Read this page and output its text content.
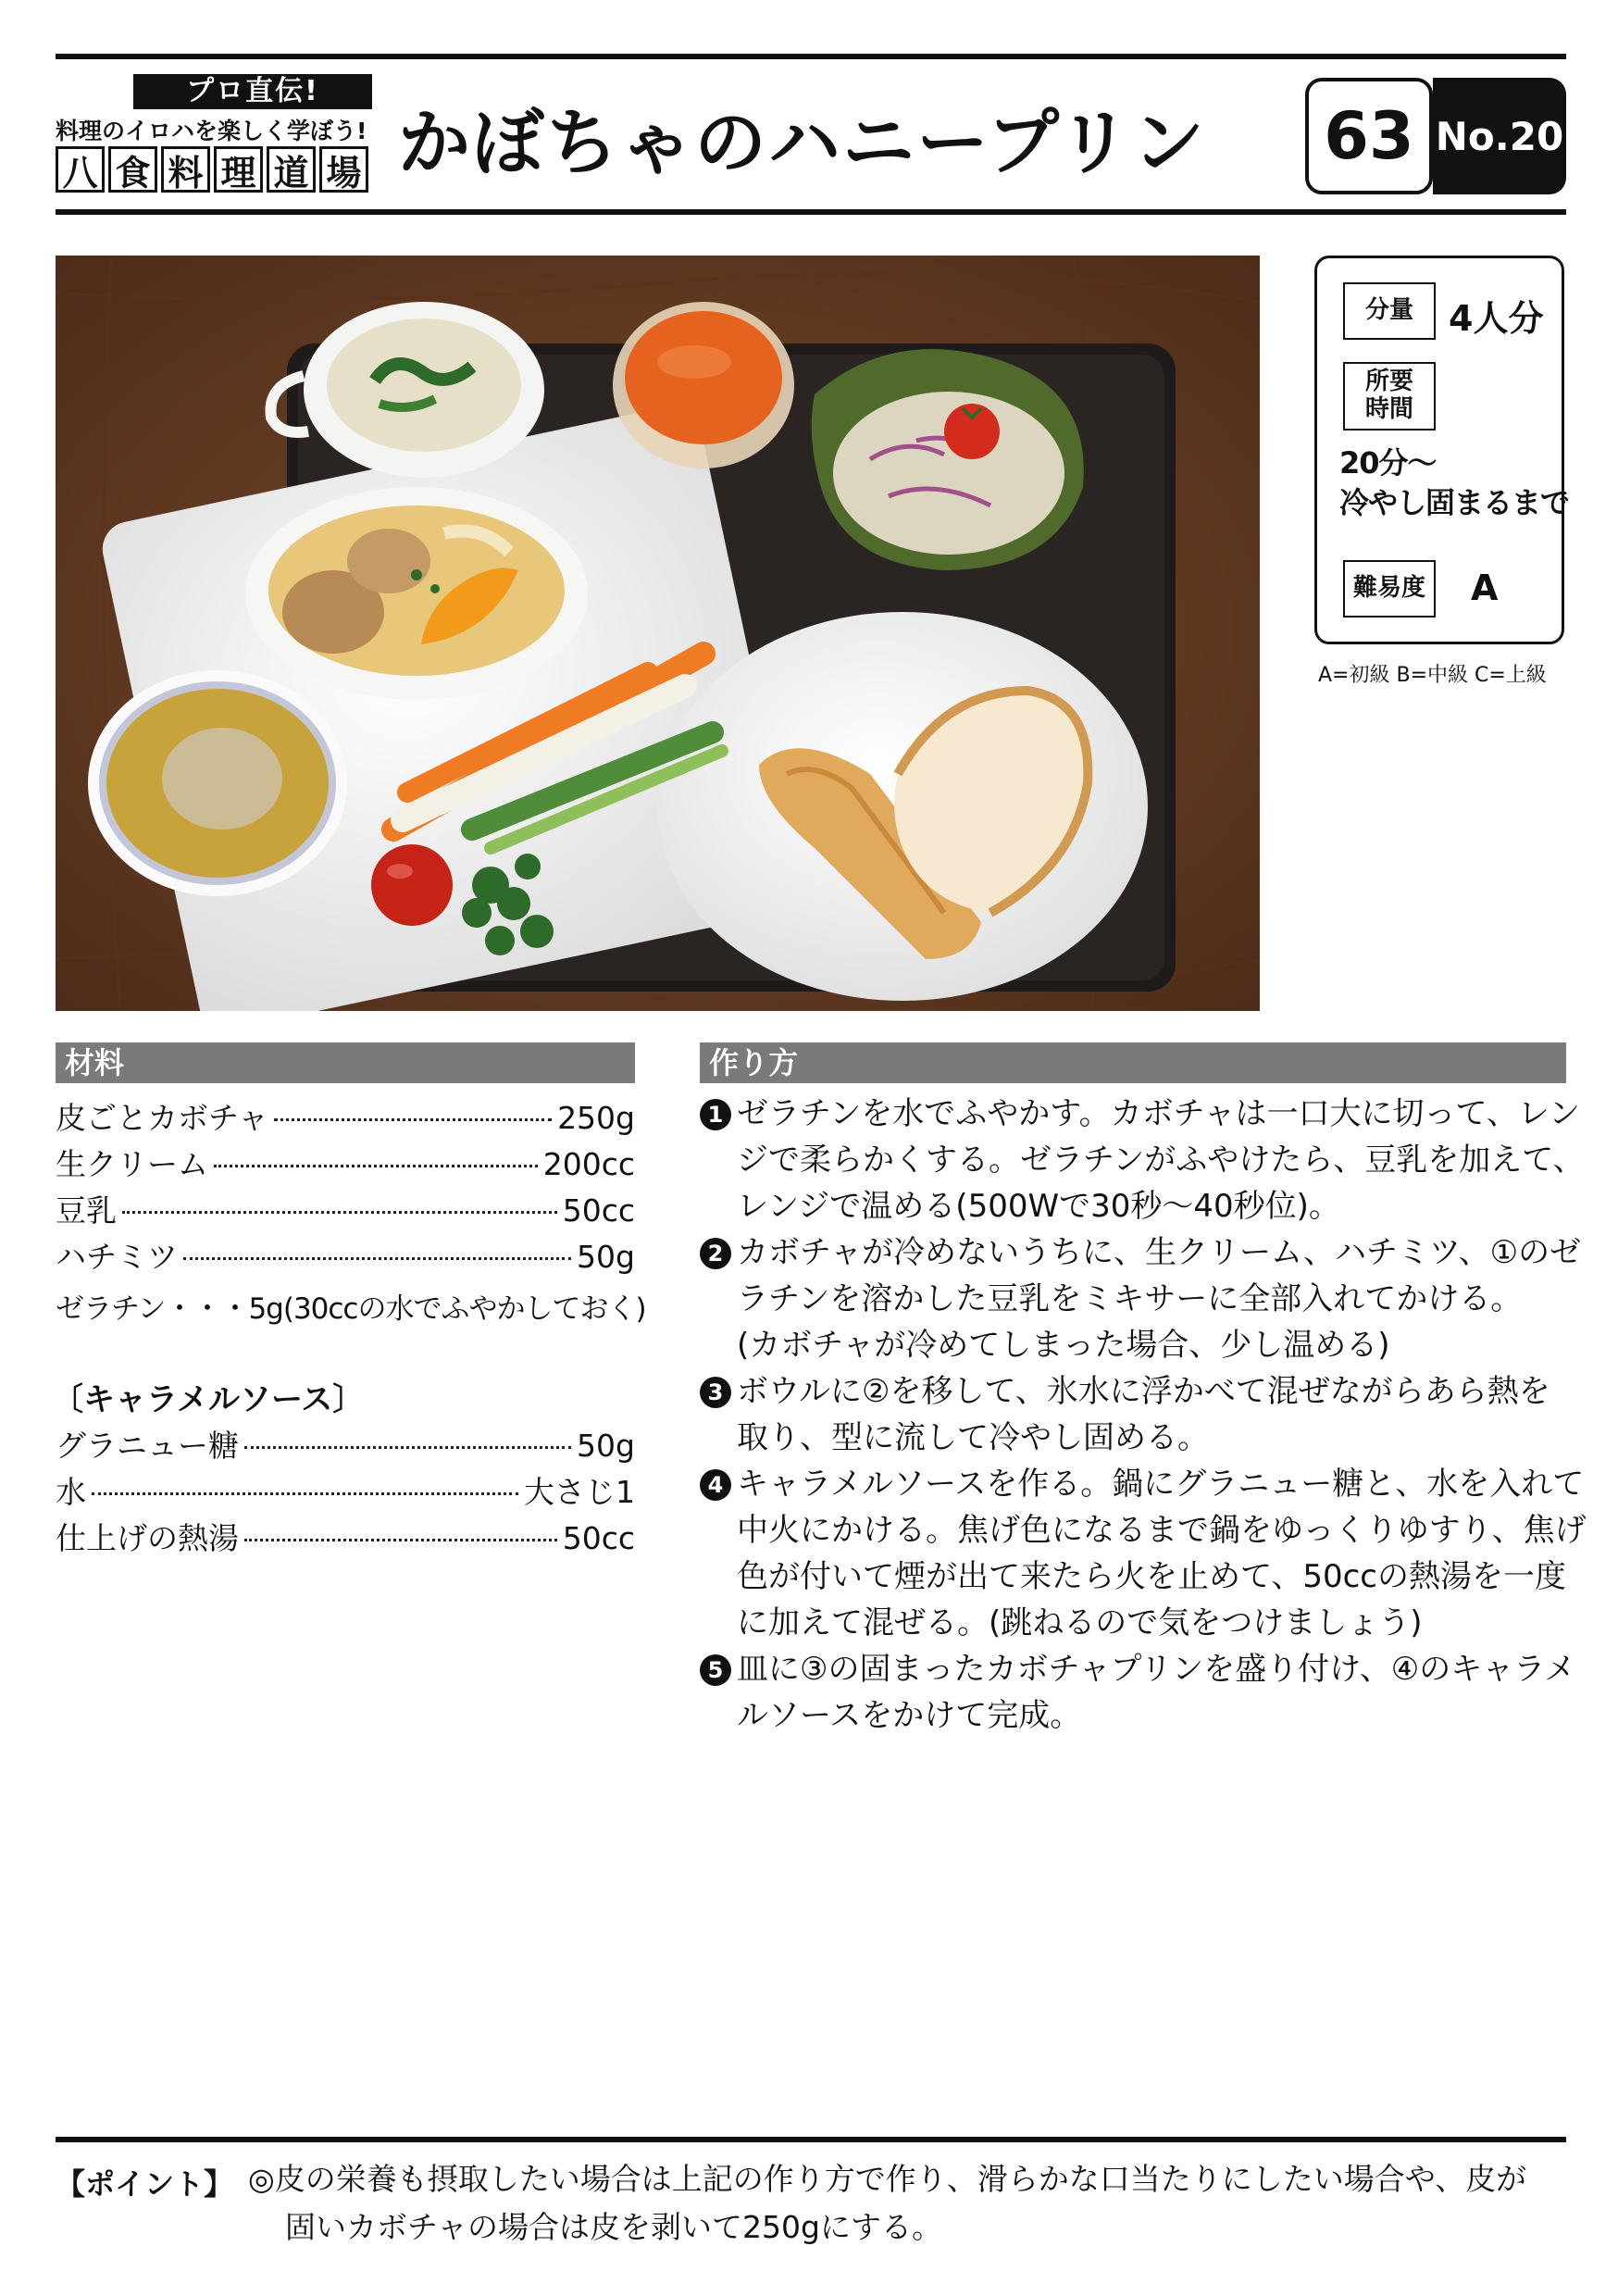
プロ直伝!
料理のイロハを楽しく学ぼう!
八 食 料 理 道 場 かぼちゃのハニープリン 63 No.20
分量	4人分
所要
時間
20分〜
冷やし固まるまで
難易度 A
A=初級 B=中級 C=上級
材料
皮ごとカボチャ	250g
生クリーム	200cc
豆乳	50cc
ハチミツ	50g
ゼラチン・・・5g(30ccの水でふやかしておく)
〔キャラメルソース〕
グラニュー糖	50g
水	大さじ1
仕上げの熱湯	50cc
作り方
1 ゼラチンを水でふやかす。カボチャは一口大に切って、レン
ジで柔らかくする。ゼラチンがふやけたら、豆乳を加えて、
レンジで温める(500Wで30秒〜40秒位)。
2 カボチャが冷めないうちに、生クリーム、ハチミツ、①のゼ
ラチンを溶かした豆乳をミキサーに全部入れてかける。
(カボチャが冷めてしまった場合、少し温める)
3 ボウルに②を移して、氷水に浮かべて混ぜながらあら熱を
取り、型に流して冷やし固める。
4 キャラメルソースを作る。鍋にグラニュー糖と、水を入れて
中火にかける。焦げ色になるまで鍋をゆっくりゆすり、焦げ
色が付いて煙が出て来たら火を止めて、50ccの熱湯を一度
に加えて混ぜる。(跳ねるので気をつけましょう)
5 皿に③の固まったカボチャプリンを盛り付け、④のキャラメ
ルソースをかけて完成。
【ポイント】 ◎皮の栄養も摂取したい場合は上記の作り方で作り、滑らかな口当たりにしたい場合や、皮が
固いカボチャの場合は皮を剥いて250gにする。
